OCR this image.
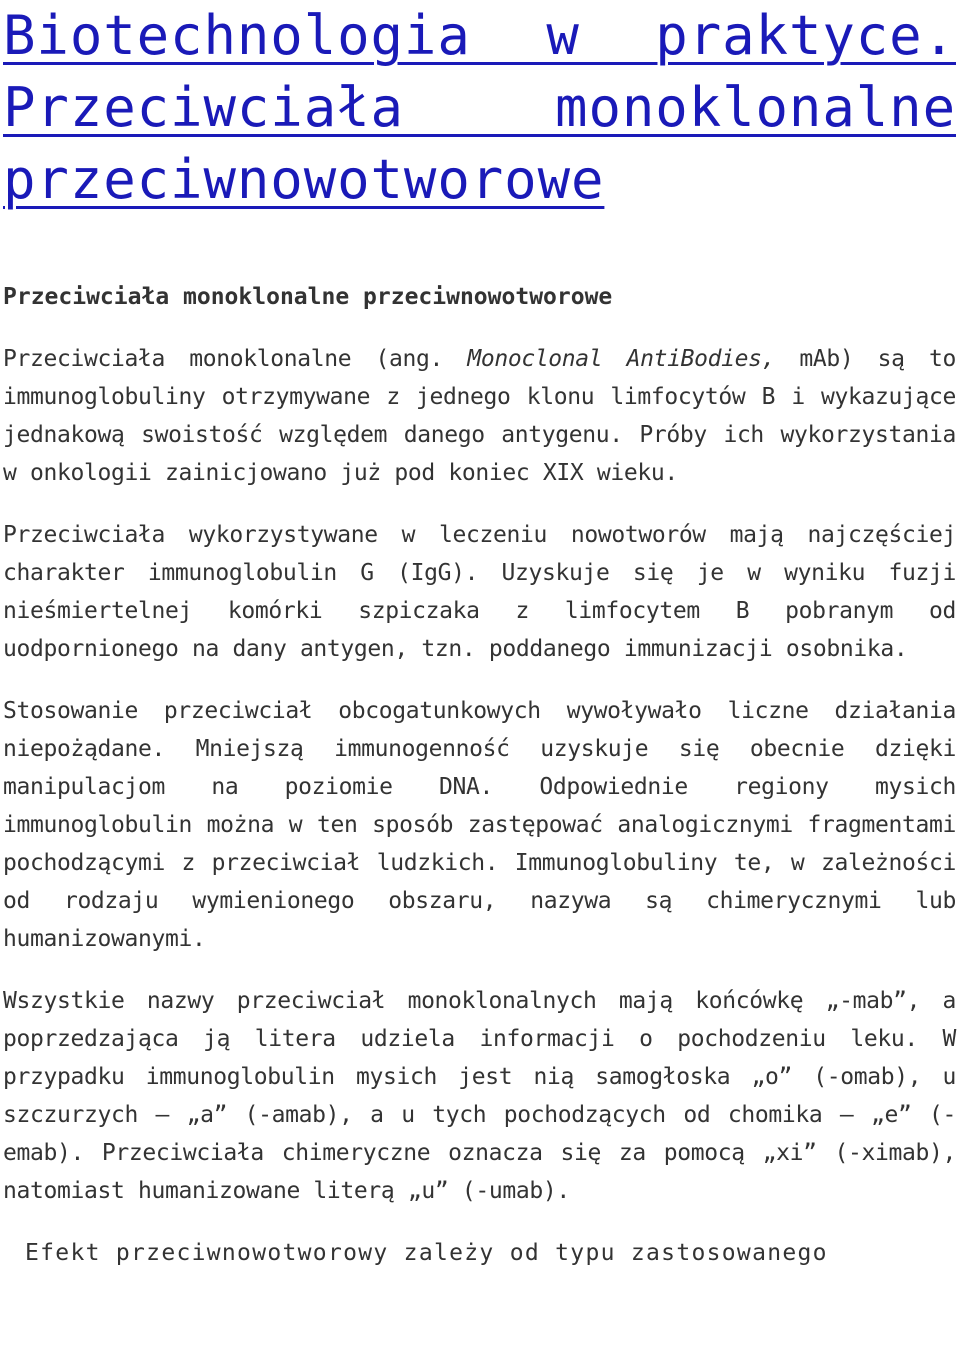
Biotechnologia w praktyce. Przeciwciała monoklonalne przeciwnowotworowe
Przeciwciała monoklonalne przeciwnowotworowe

Przeciwciała monoklonalne (ang. Monoclonal AntiBodies, mAb) są to immunoglobuliny otrzymywane z jednego klonu limfocytów B i wykazujące jednakową swoistość względem danego antygenu. Próby ich wykorzystania w onkologii zainicjowano już pod koniec XIX wieku.

Przeciwciała wykorzystywane w leczeniu nowotworów mają najczęściej charakter immunoglobulin G (IgG). Uzyskuje się je w wyniku fuzji nieśmiertelnej komórki szpiczaka z limfocytem B pobranym od uodpornionego na dany antygen, tzn. poddanego immunizacji osobnika.

Stosowanie przeciwciał obcogatunkowych wywoływało liczne działania niepożądane. Mniejszą immunogenność uzyskuje się obecnie dzięki manipulacjom na poziomie DNA. Odpowiednie regiony mysich immunoglobulin można w ten sposób zastępować analogicznymi fragmentami pochodzącymi z przeciwciał ludzkich. Immunoglobuliny te, w zależności od rodzaju wymienionego obszaru, nazywa są chimerycznymi lub humanizowanymi.

Wszystkie nazwy przeciwciał monoklonalnych mają końcówkę „-mab”, a poprzedzająca ją litera udziela informacji o pochodzeniu leku. W przypadku immunoglobulin mysich jest nią samogłoska „o” (-omab), u szczurzych – „a” (-amab), a u tych pochodzących od chomika – „e” (-emab). Przeciwciała chimeryczne oznacza się za pomocą „xi” (-ximab), natomiast humanizowane literą „u” (-umab).

Efekt przeciwnowotworowy zależy od typu zastosowanego
